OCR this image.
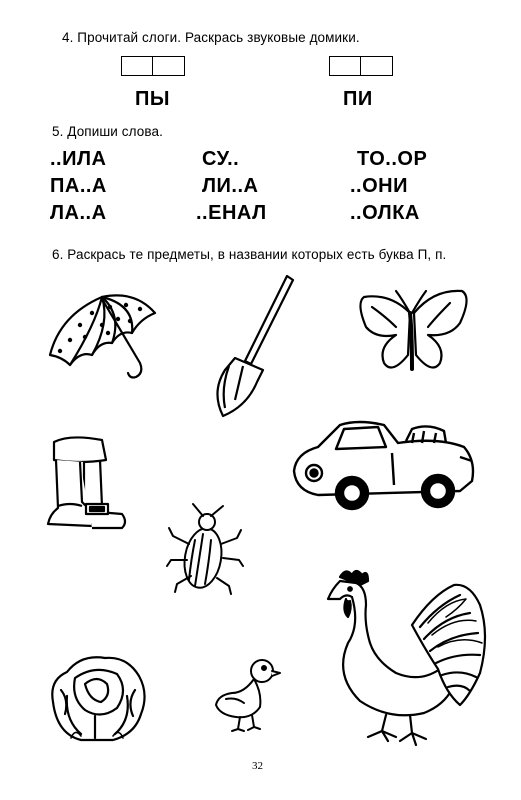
4. Прочитай слоги. Раскрась звуковые домики.
ПЫ	ПИ
5. Допиши слова.
..ИЛА	СУ..	ТО..ОР
ПА..А	ЛИ..А	..ОНИ
ЛА..А	..ЕНАЛ	..ОЛКА
6. Раскрась те предметы, в названии которых есть буква П, п.
32
